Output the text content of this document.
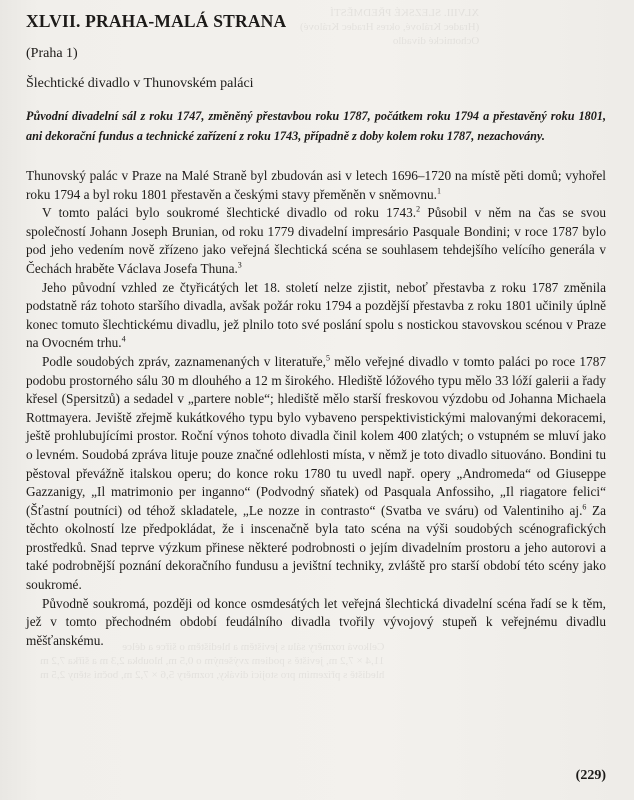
XLVIII. SLEZSKÉ PŘEDMĚSTÍ
(Hradec Králové, okres Hradec Králové)
Ochotnické divadlo
XLVII. PRAHA-MALÁ STRANA
(Praha 1)
Šlechtické divadlo v Thunovském paláci
Původní divadelní sál z roku 1747, změněný přestavbou roku 1787, počátkem roku 1794 a přestavěný roku 1801, ani dekorační fundus a technické zařízení z roku 1743, případně z doby kolem roku 1787, nezachovány.

Thunovský palác v Praze na Malé Straně byl zbudován asi v letech 1696–1720 na místě pěti domů; vyhořel roku 1794 a byl roku 1801 přestavěn a českými stavy přeměněn v sněmovnu.$^1$

V tomto paláci bylo soukromé šlechtické divadlo od roku 1743.$^2$ Působil v něm na čas se svou společností Johann Joseph Brunian, od roku 1779 divadelní impresário Pasquale Bondini; v roce 1787 bylo pod jeho vedením nově zřízeno jako veřejná šlechtická scéna se souhlasem tehdejšího velícího generála v Čechách hraběte Václava Josefa Thuna.$^3$

Jeho původní vzhled ze čtyřicátých let 18. století nelze zjistit, neboť přestavba z roku 1787 změnila podstatně ráz tohoto staršího divadla, avšak požár roku 1794 a pozdější přestavba z roku 1801 učinily úplně konec tomuto šlechtickému divadlu, jež plnilo toto své poslání spolu s nostickou stavovskou scénou v Praze na Ovocném trhu.$^4$

Podle soudobých zpráv, zaznamenaných v literatuře,$^5$ mělo veřejné divadlo v tomto paláci po roce 1787 podobu prostorného sálu 30 m dlouhého a 12 m širokého. Hlediště lóžového typu mělo 33 lóží galerii a řady křesel (Spersitzů) a sedadel v „partere noble“; hlediště mělo starší freskovou výzdobu od Johanna Michaela Rottmayera. Jeviště zřejmě kukátkového typu bylo vybaveno perspektivistickými malovanými dekoracemi, ještě prohlubujícími prostor. Roční výnos tohoto divadla činil kolem 400 zlatých; o vstupném se mluví jako o levném. Soudobá zpráva lituje pouze značné odlehlosti místa, v němž je toto divadlo situováno. Bondini tu pěstoval převážně italskou operu; do konce roku 1780 tu uvedl např. opery „Andromeda“ od Giuseppe Gazzanigy, „Il matrimonio per inganno“ (Podvodný sňatek) od Pasquala Anfossiho, „Il riagatore felici“ (Šťastní poutníci) od téhož skladatele, „Le nozze in contrasto“ (Svatba ve sváru) od Valentiniho aj.$^6$ Za těchto okolností lze předpokládat, že i inscenačně byla tato scéna na výši soudobých scénografických prostředků. Snad teprve výzkum přinese některé podrobnosti o jejím divadelním prostoru a jeho autorovi a také podrobnější poznání dekoračního fundusu a jevištní techniky, zvláště pro starší období této scény jako soukromé.

Původně soukromá, později od konce osmdesátých let veřejná šlechtická divadelní scéna řadí se k těm, jež v tomto přechodném období feudálního divadla tvořily vývojový stupeň k veřejnému divadlu měšťanskému.	Celková rozměry sálu s jevištěm a hledištěm o šířce a délce
11,4 × 7,2 m, jeviště s podiem zvýšeným o 0,5 m, hloubka 2,3 m a šířka 7,2 m
hlediště s přízemím pro stojící diváky, rozměry 5,6 × 7,2 m, boční stěny 2,5 m
(229)
